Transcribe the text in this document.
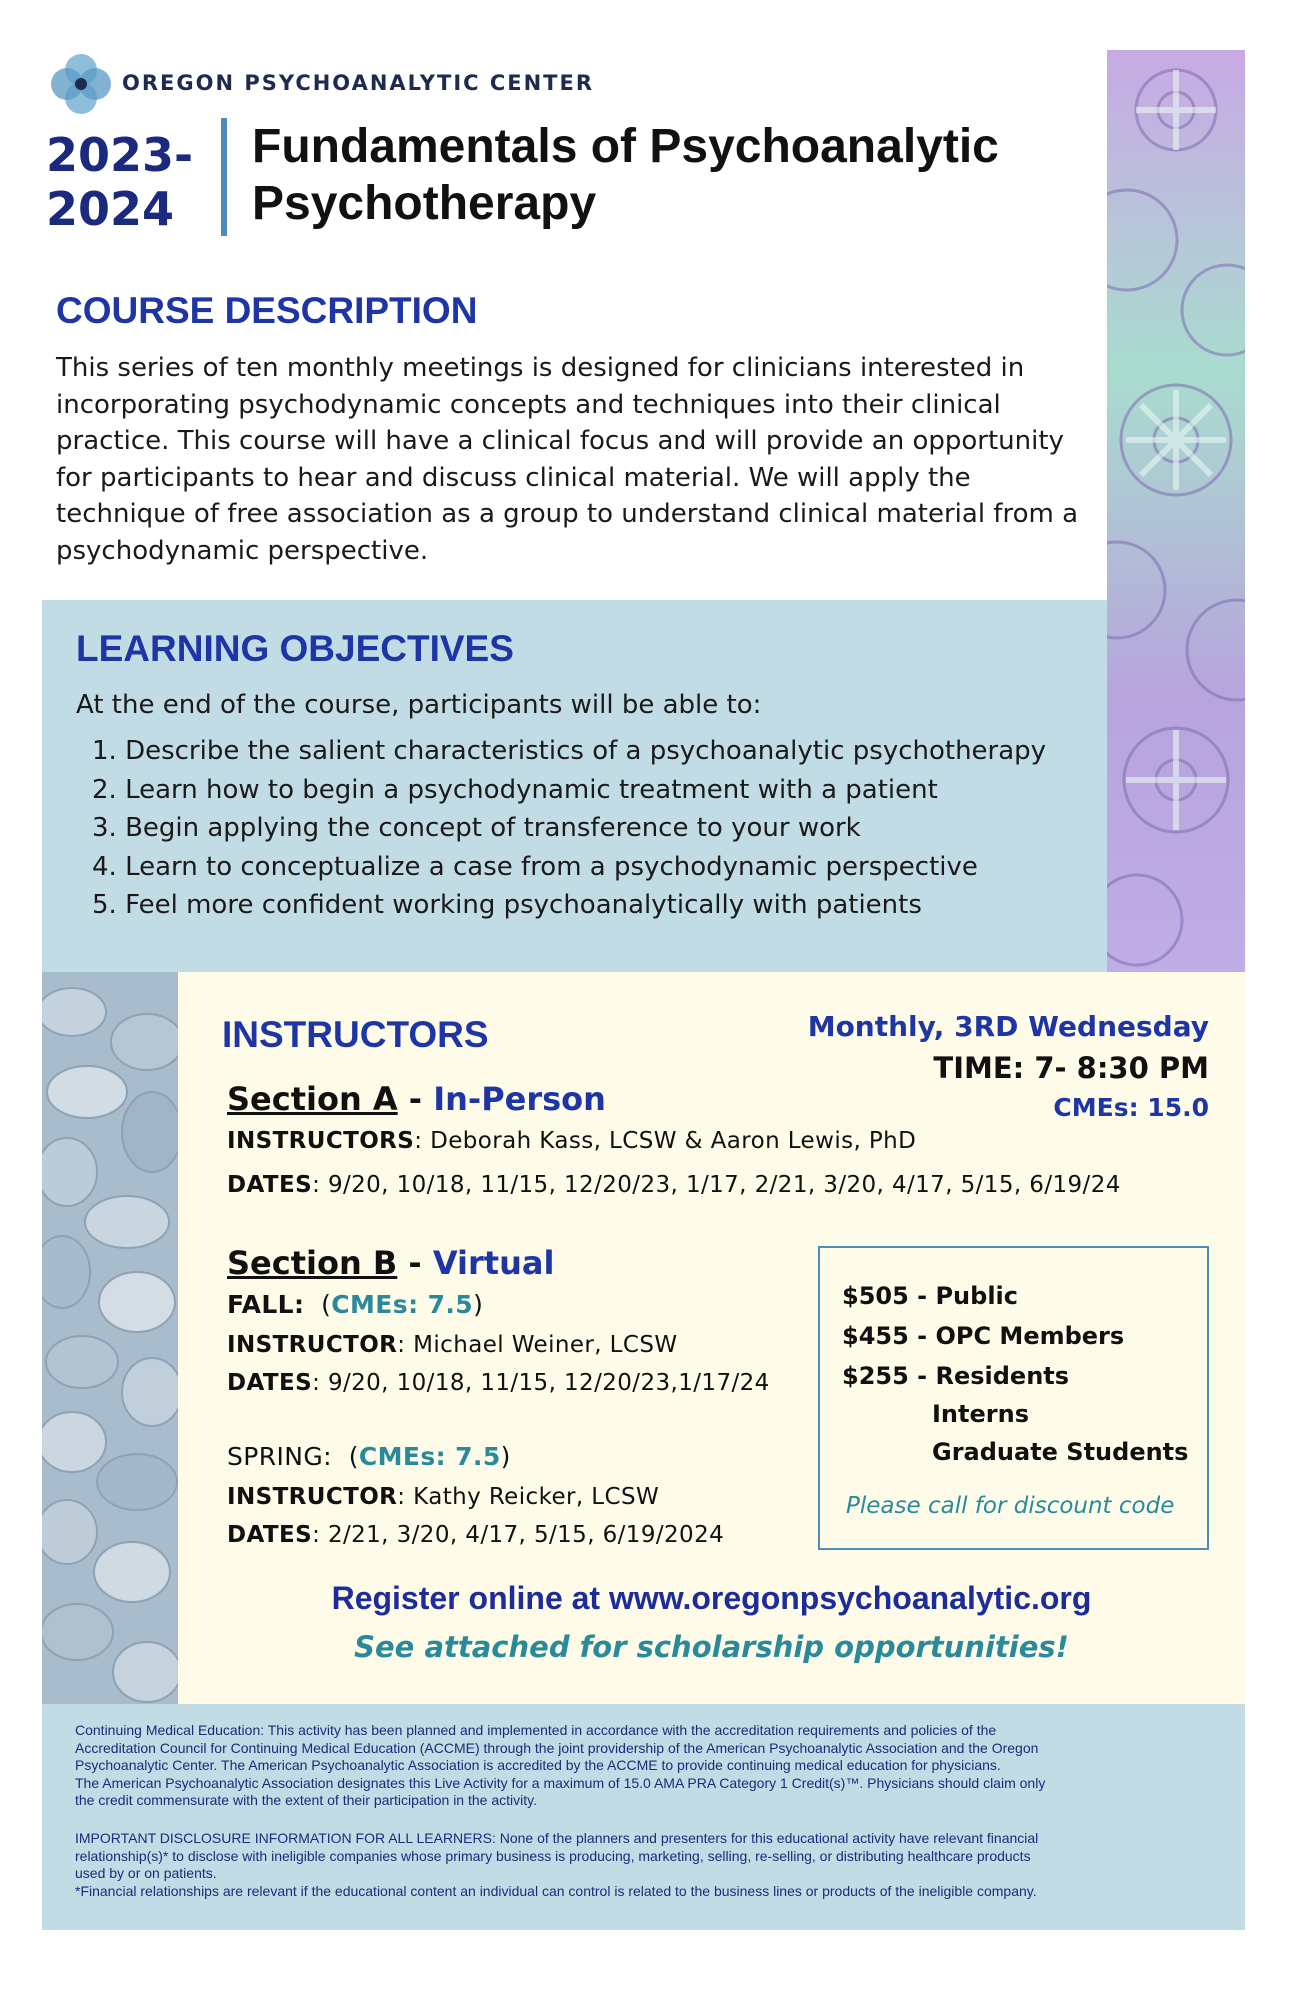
OREGON PSYCHOANALYTIC CENTER
2023-
2024
Fundamentals of Psychoanalytic
Psychotherapy
COURSE DESCRIPTION
This series of ten monthly meetings is designed for clinicians interested in
incorporating psychodynamic concepts and techniques into their clinical
practice. This course will have a clinical focus and will provide an opportunity
for participants to hear and discuss clinical material. We will apply the
technique of free association as a group to understand clinical material from a
psychodynamic perspective.
LEARNING OBJECTIVES
At the end of the course, participants will be able to:
1. Describe the salient characteristics of a psychoanalytic psychotherapy
2. Learn how to begin a psychodynamic treatment with a patient
3. Begin applying the concept of transference to your work
4. Learn to conceptualize a case from a psychodynamic perspective
5. Feel more confident working psychoanalytically with patients
INSTRUCTORS	Monthly, 3RD Wednesday
TIME: 7- 8:30 PM
CMEs: 15.0
Section A - In-Person
INSTRUCTORS: Deborah Kass, LCSW & Aaron Lewis, PhD
DATES: 9/20, 10/18, 11/15, 12/20/23, 1/17, 2/21, 3/20, 4/17, 5/15, 6/19/24
Section B - Virtual
FALL:  (CMEs: 7.5)
INSTRUCTOR: Michael Weiner, LCSW
DATES: 9/20, 10/18, 11/15, 12/20/23,1/17/24
SPRING:  (CMEs: 7.5)
INSTRUCTOR: Kathy Reicker, LCSW
DATES: 2/21, 3/20, 4/17, 5/15, 6/19/2024
$505 - Public
$455 - OPC Members
$255 - Residents
Interns
Graduate Students
Please call for discount code
Register online at www.oregonpsychoanalytic.org
See attached for scholarship opportunities!
Continuing Medical Education: This activity has been planned and implemented in accordance with the accreditation requirements and policies of the
Accreditation Council for Continuing Medical Education (ACCME) through the joint providership of the American Psychoanalytic Association and the Oregon
Psychoanalytic Center. The American Psychoanalytic Association is accredited by the ACCME to provide continuing medical education for physicians.
The American Psychoanalytic Association designates this Live Activity for a maximum of 15.0 AMA PRA Category 1 Credit(s)™. Physicians should claim only
the credit commensurate with the extent of their participation in the activity.
IMPORTANT DISCLOSURE INFORMATION FOR ALL LEARNERS: None of the planners and presenters for this educational activity have relevant financial
relationship(s)* to disclose with ineligible companies whose primary business is producing, marketing, selling, re-selling, or distributing healthcare products
used by or on patients.
*Financial relationships are relevant if the educational content an individual can control is related to the business lines or products of the ineligible company.
